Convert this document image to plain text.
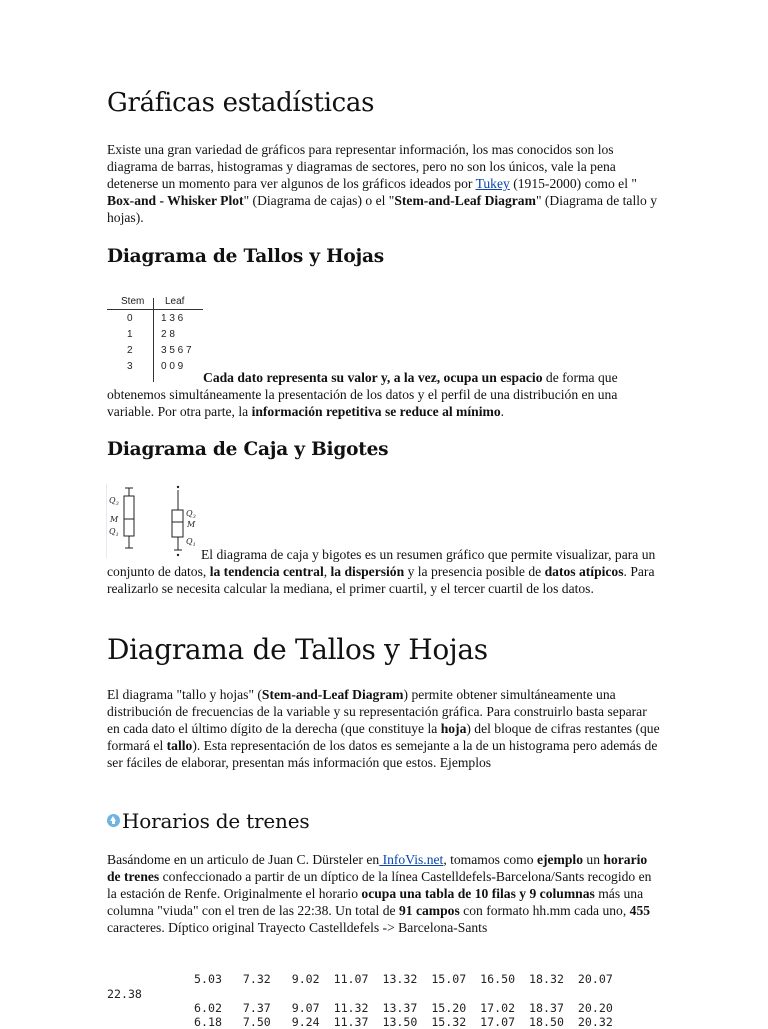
Gráficas estadísticas

Existe una gran variedad de gráficos para representar información, los mas conocidos son los diagrama de barras, histogramas y diagramas de sectores, pero no son los únicos, vale la pena detenerse un momento para ver algunos de los gráficos ideados por Tukey (1915-2000) como el " Box-and - Whisker Plot" (Diagrama de cajas) o el "Stem-and-Leaf Diagram" (Diagrama de tallo y hojas).

Diagrama de Tallos y Hojas
Stem Leaf
0	1 3 6
1	2 8
2	3 5 6 7
3	0 0 9

Cada dato representa su valor y, a la vez, ocupa un espacio de forma que obtenemos simultáneamente la presentación de los datos y el perfil de una distribución en una variable. Por otra parte, la información repetitiva se reduce al mínimo.

Diagrama de Caja y Bigotes
$Q_3$
M
$Q_1$
$Q_3$
M
$Q_1$

El diagrama de caja y bigotes es un resumen gráfico que permite visualizar, para un conjunto de datos, la tendencia central, la dispersión y la presencia posible de datos atípicos. Para realizarlo se necesita calcular la mediana, el primer cuartil, y el tercer cuartil de los datos.

Diagrama de Tallos y Hojas

El diagrama "tallo y hojas" (Stem-and-Leaf Diagram) permite obtener simultáneamente una distribución de frecuencias de la variable y su representación gráfica. Para construirlo basta separar en cada dato el último dígito de la derecha (que constituye la hoja) del bloque de cifras restantes (que formará el tallo). Esta representación de los datos es semejante a la de un histograma pero además de ser fáciles de elaborar, presentan más información que estos. Ejemplos

Horarios de trenes

Basándome en un articulo de Juan C. Dürsteler en InfoVis.net, tomamos como ejemplo un horario de trenes confeccionado a partir de un díptico de la línea Castelldefels-Barcelona/Sants recogido en la estación de Renfe. Originalmente el horario ocupa una tabla de 10 filas y 9 columnas más una columna "viuda" con el tren de las 22:38. Un total de 91 campos con formato hh.mm cada uno, 455 caracteres. Díptico original Trayecto Castelldefels -> Barcelona-Sants

5.03   7.32   9.02  11.07  13.32  15.07  16.50  18.32  20.07
22.38
6.02   7.37   9.07  11.32  13.37  15.20  17.02  18.37  20.20
6.18   7.50   9.24  11.37  13.50  15.32  17.07  18.50  20.32
